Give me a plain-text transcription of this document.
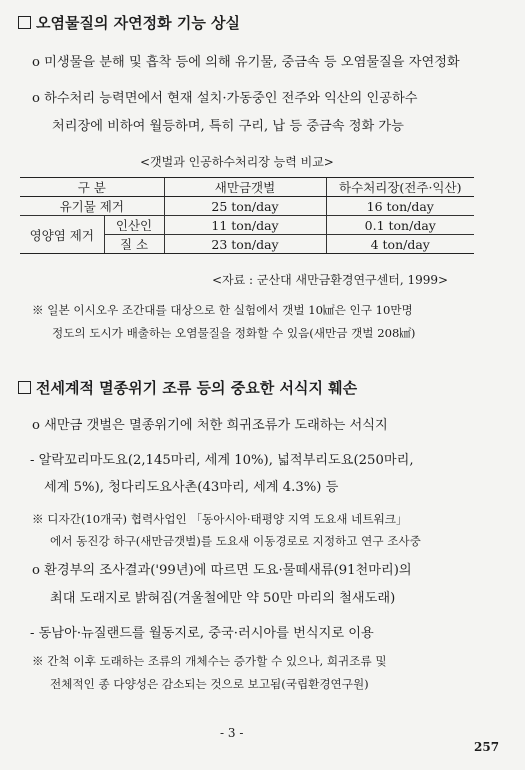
오염물질의 자연정화 기능 상실
o 미생물을 분해 및 흡착 등에 의해 유기물, 중금속 등 오염물질을 자연정화
o 하수처리 능력면에서 현재 설치·가동중인 전주와 익산의 인공하수
처리장에 비하여 월등하며, 특히 구리, 납 등 중금속 정화 가능
<갯벌과 인공하수처리장 능력 비교>
구 분		새만금갯벌	하수처리장(전주·익산)
유기물 제거		25 ton/day	16 ton/day
영양염 제거	인산인	11 ton/day	0.1 ton/day
	질 소	23 ton/day	4 ton/day
<자료 : 군산대 새만금환경연구센터, 1999>
※ 일본 이시오우 조간대를 대상으로 한 실험에서 갯벌 10㎢은 인구 10만명
정도의 도시가 배출하는 오염물질을 정화할 수 있음(새만금 갯벌 208㎢)
전세계적 멸종위기 조류 등의 중요한 서식지 훼손
o 새만금 갯벌은 멸종위기에 처한 희귀조류가 도래하는 서식지
- 알락꼬리마도요(2,145마리, 세계 10%), 넓적부리도요(250마리,
세계 5%), 청다리도요사촌(43마리, 세계 4.3%) 등
※ 디자간(10개국) 협력사업인 「동아시아·태평양 지역 도요새 네트워크」
에서 동진강 하구(새만금갯벌)를 도요새 이동경로로 지정하고 연구 조사중
o 환경부의 조사결과('99년)에 따르면 도요·물떼새류(91천마리)의
최대 도래지로 밝혀짐(겨울철에만 약 50만 마리의 철새도래)
- 동남아·뉴질랜드를 월동지로, 중국·러시아를 번식지로 이용
※ 간척 이후 도래하는 조류의 개체수는 증가할 수 있으나, 희귀조류 및
전체적인 종 다양성은 감소되는 것으로 보고됨(국립환경연구원)
- 3 -
257
